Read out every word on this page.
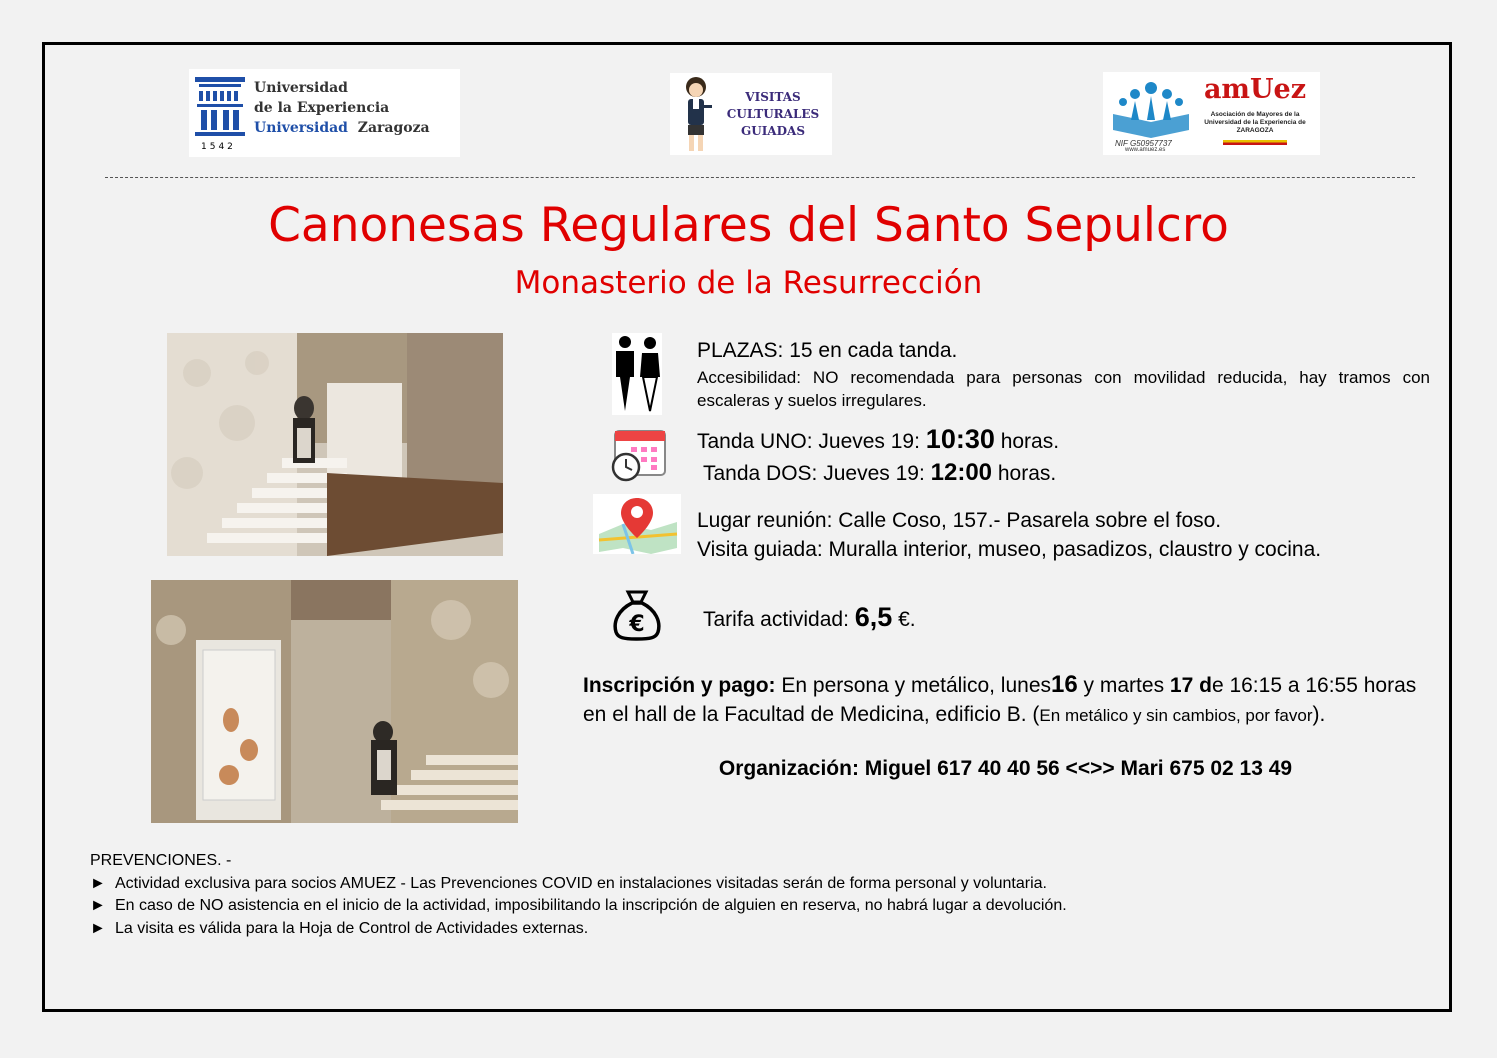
1542
Universidad
de la Experiencia
Universidad Zaragoza
VISITAS
CULTURALES
GUIADAS
NIF G50957737
www.amuez.es
amUez
Asociación de Mayores de la
Universidad de la Experiencia de
ZARAGOZA
Canonesas Regulares del Santo Sepulcro
Monasterio de la Resurrección
€
PLAZAS: 15 en cada tanda.
Accesibilidad: NO recomendada para personas con movilidad reducida, hay tramos con escaleras y suelos irregulares.
Tanda UNO: Jueves 19: 10:30 horas.
Tanda DOS: Jueves 19: 12:00 horas.
Lugar reunión: Calle Coso, 157.- Pasarela sobre el foso.
Visita guiada: Muralla interior, museo, pasadizos, claustro y cocina.
Tarifa actividad: 6,5 €.
Inscripción y pago: En persona y metálico, lunes16 y martes 17 de 16:15 a 16:55 horas en el hall de la Facultad de Medicina, edificio B. (En metálico y sin cambios, por favor).
Organización: Miguel 617 40 40 56 <<>> Mari 675 02 13 49
PREVENCIONES. -
► Actividad exclusiva para socios AMUEZ - Las Prevenciones COVID en instalaciones visitadas serán de forma personal y voluntaria.
► En caso de NO asistencia en el inicio de la actividad, imposibilitando la inscripción de alguien en reserva, no habrá lugar a devolución.
► La visita es válida para la Hoja de Control de Actividades externas.
